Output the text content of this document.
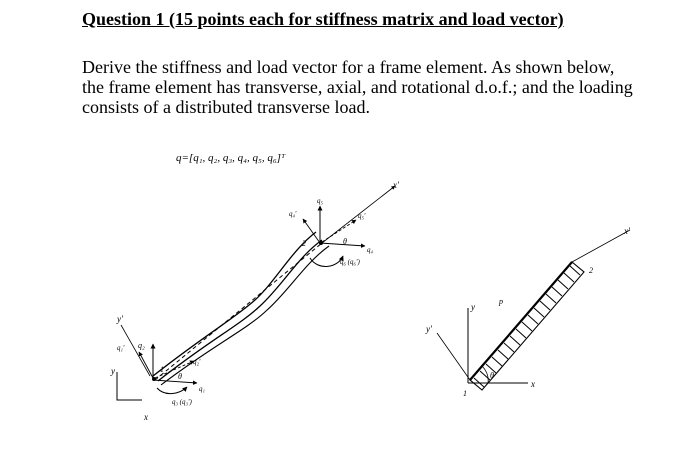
Question 1 (15 points each for stiffness matrix and load vector)
Derive the stiffness and load vector for a frame element. As shown below,
the frame element has transverse, axial, and rotational d.o.f.; and the loading
consists of a distributed transverse load.
q=[q₁, q₂, q₃, q₄, q₅, q₆]ᵀ
y
x
y'
x'
q₂
q₁'
1
q₂'
θ
q₁
q₃ (q₃')
q₅
q₄'	q₅'
2	θ
q₄
q₆ (q₆')
y
x
y'
x'
p
θ
1
2
